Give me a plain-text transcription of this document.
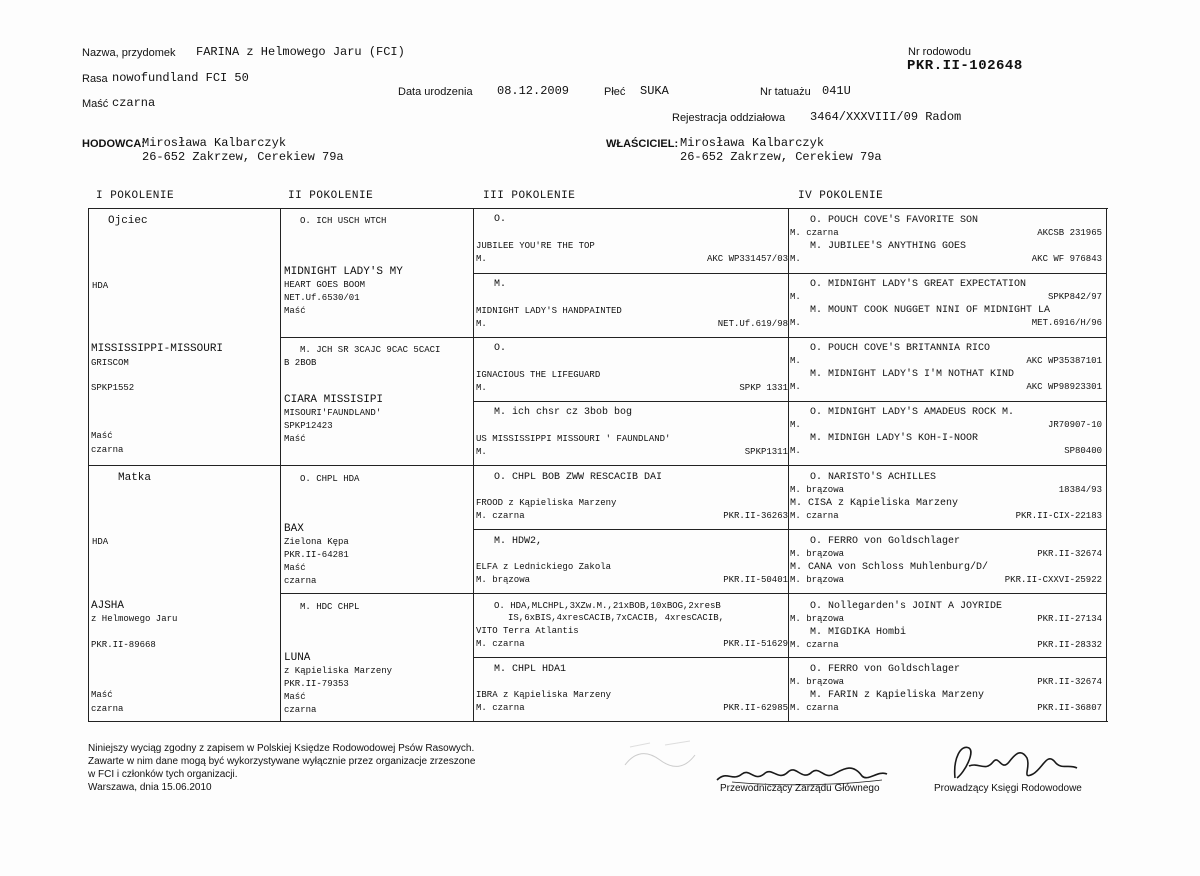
Nazwa, przydomek FARINA z Helmowego Jaru (FCI)
Rasa nowofundland FCI 50
Maść czarna
Data urodzenia 08.12.2009	Płeć SUKA	Nr tatuażu 041U
Nr rodowodu
PKR.II-102648
Rejestracja oddziałowa 3464/XXXVIII/09 Radom
HODOWCA:
Mirosława Kalbarczyk
26-652 Zakrzew, Cerekiew 79a
WŁAŚCICIEL: Mirosława Kalbarczyk
26-652 Zakrzew, Cerekiew 79a
I POKOLENIE	II POKOLENIE	III POKOLENIE	IV POKOLENIE
Ojciec
HDA
MISSISSIPPI-MISSOURI
GRISCOM
SPKP1552
Maść
czarna
Matka
HDA
AJSHA
z Helmowego Jaru
PKR.II-89668
Maść
czarna
O. ICH USCH WTCH
MIDNIGHT LADY'S MY
HEART GOES BOOM
NET.Uf.6530/01
Maść
M. JCH SR 3CAJC 9CAC 5CACI
B 2BOB
CIARA MISSISIPI
MISOURI'FAUNDLAND'
SPKP12423
Maść
O. CHPL HDA
BAX
Zielona Kępa
PKR.II-64281
Maść
czarna
M. HDC CHPL
LUNA
z Kąpieliska Marzeny
PKR.II-79353
Maść
czarna
O.
JUBILEE YOU'RE THE TOP
M.	AKC WP331457/03
M.
MIDNIGHT LADY'S HANDPAINTED
M.	NET.Uf.619/98
O.
IGNACIOUS THE LIFEGUARD
M.	SPKP 1331
M. ich chsr cz 3bob bog
US MISSISSIPPI MISSOURI ' FAUNDLAND'
M.	SPKP1311
O. CHPL BOB ZWW RESCACIB DAI
FROOD z Kąpieliska Marzeny
M. czarna	PKR.II-36263
M. HDW2,
ELFA z Lednickiego Zakola
M. brązowa	PKR.II-50401
O. HDA,MLCHPL,3XZw.M.,21xBOB,10xBOG,2xresB
IS,6xBIS,4xresCACIB,7xCACIB, 4xresCACIB,
VITO Terra Atlantis
M. czarna	PKR.II-51629
M. CHPL HDA1
IBRA z Kąpieliska Marzeny
M. czarna	PKR.II-62985
O. POUCH COVE'S FAVORITE SON
M. czarna	AKCSB 231965
M. JUBILEE'S ANYTHING GOES
M.	AKC WF 976843
O. MIDNIGHT LADY'S GREAT EXPECTATION
M.	SPKP842/97
M. MOUNT COOK NUGGET NINI OF MIDNIGHT LA
M.	MET.6916/H/96
O. POUCH COVE'S BRITANNIA RICO
M.	AKC WP35387101
M. MIDNIGHT LADY'S I'M NOTHAT KIND
M.	AKC WP98923301
O. MIDNIGHT LADY'S AMADEUS ROCK M.
M.	JR70907-10
M. MIDNIGH LADY'S KOH-I-NOOR
M.	SP80400
O. NARISTO'S ACHILLES
M. brązowa	18384/93
M. CISA z Kąpieliska Marzeny
M. czarna	PKR.II-CIX-22183
O. FERRO von Goldschlager
M. brązowa	PKR.II-32674
M. CANA von Schloss Muhlenburg/D/
M. brązowa	PKR.II-CXXVI-25922
O. Nollegarden's JOINT A JOYRIDE
M. brązowa	PKR.II-27134
M. MIGDIKA Hombi
M. czarna	PKR.II-28332
O. FERRO von Goldschlager
M. brązowa	PKR.II-32674
M. FARIN z Kąpieliska Marzeny
M. czarna	PKR.II-36807
Niniejszy wyciąg zgodny z zapisem w Polskiej Księdze Rodowodowej Psów Rasowych.
Zawarte w nim dane mogą być wykorzystywane wyłącznie przez organizacje zrzeszone
w FCI i członków tych organizacji.
Warszawa, dnia 15.06.2010	Przewodniczący Zarządu Głównego	Prowadzący Księgi Rodowodowe
